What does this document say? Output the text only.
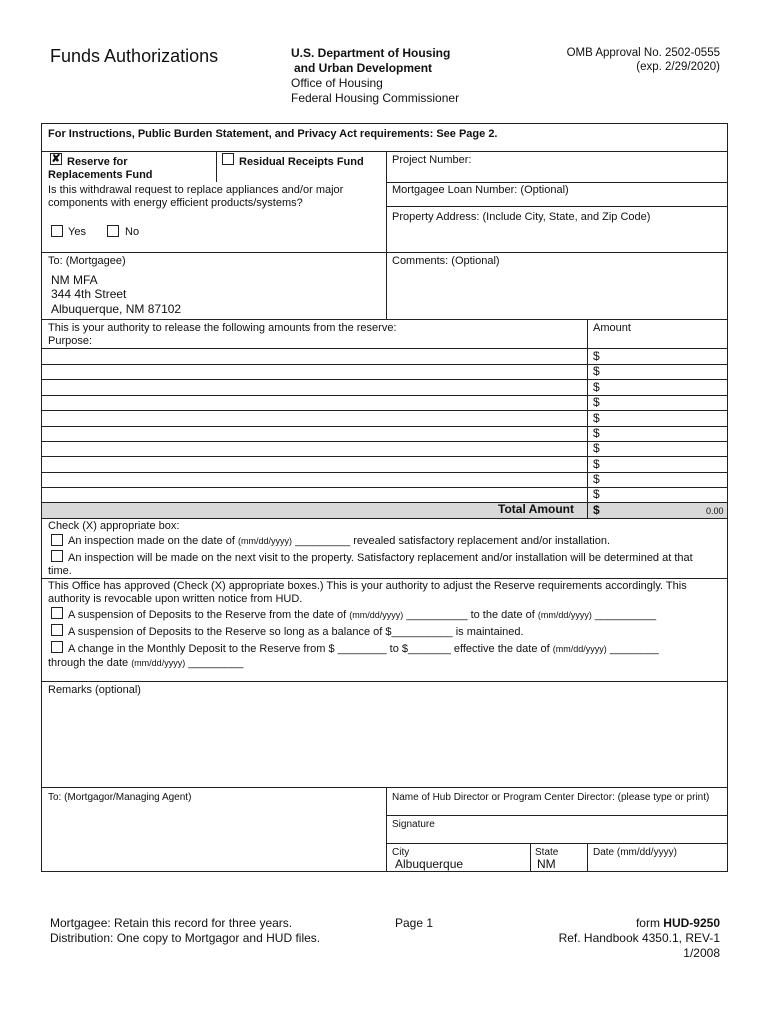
Funds Authorizations	U.S. Department of Housing
and Urban Development
Office of Housing
Federal Housing Commissioner
OMB Approval No. 2502-0555
(exp. 2/29/2020)
For Instructions, Public Burden Statement, and Privacy Act requirements: See Page 2.
✘ Reserve for
Replacements Fund
Residual Receipts Fund
Is this withdrawal request to replace appliances and/or major
components with energy efficient products/systems?
Yes	No
Project Number:
Mortgagee Loan Number: (Optional)
Property Address: (Include City, State, and Zip Code)
To: (Mortgagee)
NM MFA
344 4th Street
Albuquerque, NM 87102
Comments: (Optional)
This is your authority to release the following amounts from the reserve:
Purpose:
Amount
$
$
$
$
$
$
$
$
$
$
Total Amount $	0.00
Check (X) appropriate box:
An inspection made on the date of (mm/dd/yyyy) _________ revealed satisfactory replacement and/or installation.
An inspection will be made on the next visit to the property. Satisfactory replacement and/or installation will be determined at that
time.
This Office has approved (Check (X) appropriate boxes.) This is your authority to adjust the Reserve requirements accordingly. This
authority is revocable upon written notice from HUD.
A suspension of Deposits to the Reserve from the date of (mm/dd/yyyy) __________ to the date of (mm/dd/yyyy) __________
A suspension of Deposits to the Reserve so long as a balance of $__________ is maintained.
A change in the Monthly Deposit to the Reserve from $ ________ to $_______ effective the date of (mm/dd/yyyy) ________
through the date (mm/dd/yyyy) _________
Remarks (optional)
To: (Mortgagor/Managing Agent)	Name of Hub Director or Program Center Director: (please type or print)
Signature
City
Albuquerque
State
NM
Date (mm/dd/yyyy)
Mortgagee: Retain this record for three years.
Distribution: One copy to Mortgagor and HUD files.
Page 1	form HUD-9250
Ref. Handbook 4350.1, REV-1
1/2008
